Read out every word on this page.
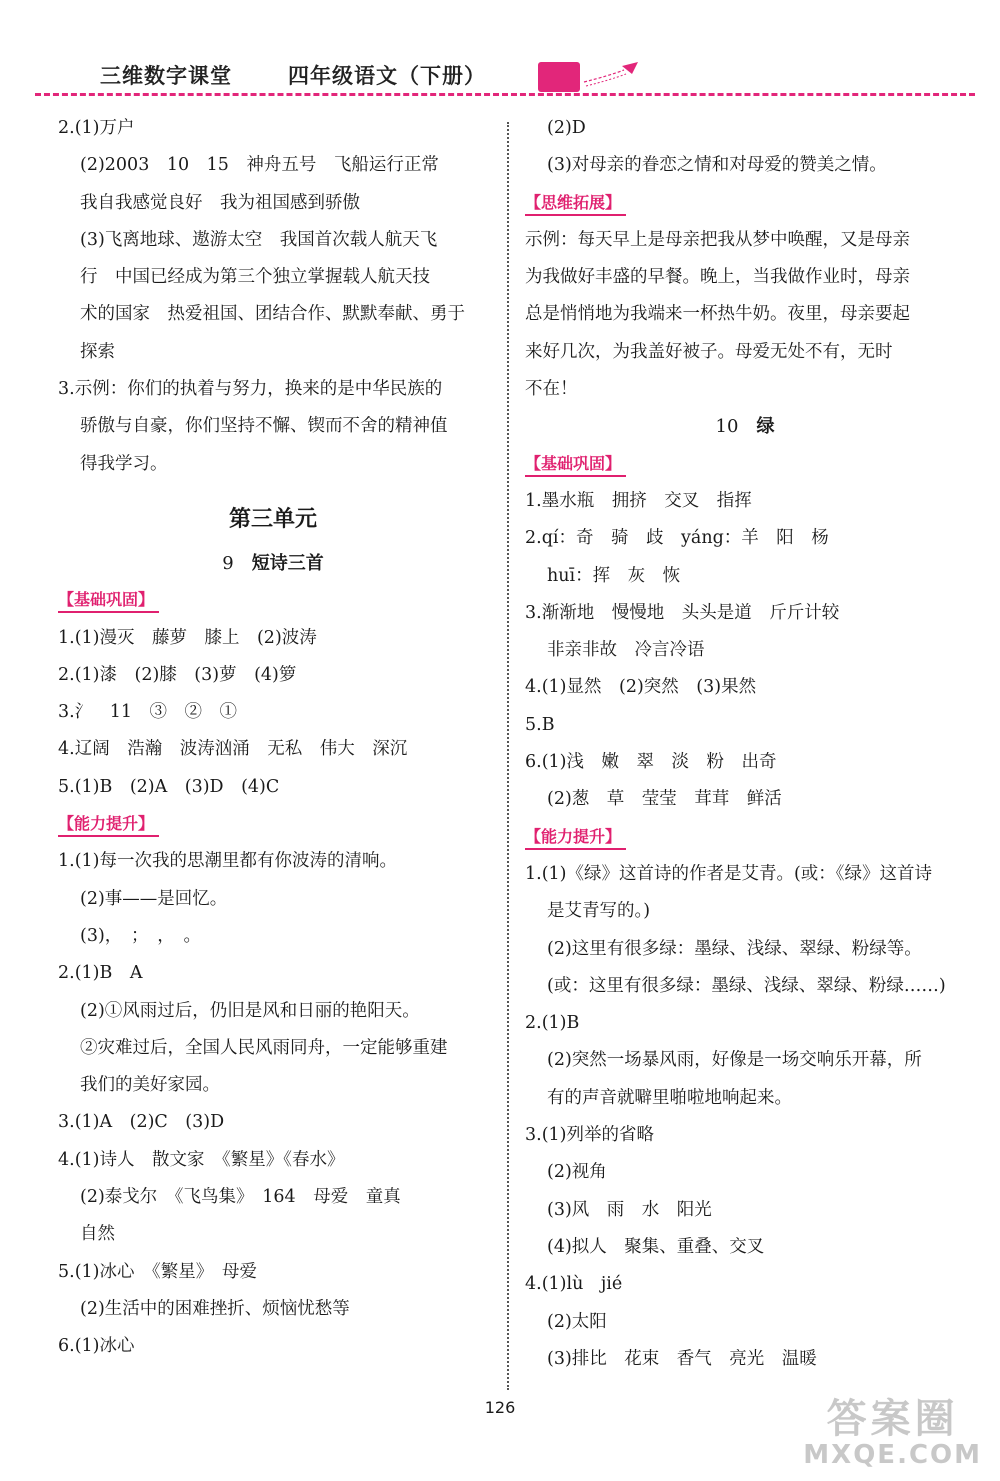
三维数字课堂	四年级语文（下册）
2.(1)万户
(2)2003　10　15　神舟五号　飞船运行正常
我自我感觉良好　我为祖国感到骄傲
(3)飞离地球、遨游太空　我国首次载人航天飞
行　中国已经成为第三个独立掌握载人航天技
术的国家　热爱祖国、团结合作、默默奉献、勇于
探索
3.示例：你们的执着与努力，换来的是中华民族的
骄傲与自豪，你们坚持不懈、锲而不舍的精神值
得我学习。
第三单元
9　 短诗三首
【基础巩固】
1.(1)漫灭　藤萝　膝上　(2)波涛
2.(1)漆　(2)膝　(3)萝　(4)箩
3.氵　11　③　②　①
4.辽阔　浩瀚　波涛汹涌　无私　伟大　深沉
5.(1)B　(2)A　(3)D　(4)C
【能力提升】
1.(1)每一次我的思潮里都有你波涛的清响。
(2)事——是回忆。
(3)，　；　，　。
2.(1)B　A
(2)①风雨过后，仍旧是风和日丽的艳阳天。
②灾难过后，全国人民风雨同舟，一定能够重建
我们的美好家园。
3.(1)A　(2)C　(3)D
4.(1)诗人　散文家　《繁星》《春水》
(2)泰戈尔　《飞鸟集》　164　母爱　童真
自然
5.(1)冰心　《繁星》　母爱
(2)生活中的困难挫折、烦恼忧愁等
6.(1)冰心
(2)D
(3)对母亲的眷恋之情和对母爱的赞美之情。
【思维拓展】
示例：每天早上是母亲把我从梦中唤醒，又是母亲
为我做好丰盛的早餐。晚上，当我做作业时，母亲
总是悄悄地为我端来一杯热牛奶。夜里，母亲要起
来好几次，为我盖好被子。母爱无处不有，无时
不在！
10　 绿
【基础巩固】
1.墨水瓶　拥挤　交叉　指挥
2.qí：奇　骑　歧　yáng：羊　阳　杨
huī：挥　灰　恢
3.渐渐地　慢慢地　头头是道　斤斤计较
非亲非故　冷言冷语
4.(1)显然　(2)突然　(3)果然
5.B
6.(1)浅　嫩　翠　淡　粉　出奇
(2)葱　草　莹莹　茸茸　鲜活
【能力提升】
1.(1)《绿》这首诗的作者是艾青。(或：《绿》这首诗
是艾青写的。)
(2)这里有很多绿：墨绿、浅绿、翠绿、粉绿等。
(或：这里有很多绿：墨绿、浅绿、翠绿、粉绿……)
2.(1)B
(2)突然一场暴风雨，好像是一场交响乐开幕，所
有的声音就噼里啪啦地响起来。
3.(1)列举的省略
(2)视角
(3)风　雨　水　阳光
(4)拟人　聚集、重叠、交叉
4.(1)lù　jié
(2)太阳
(3)排比　花束　香气　亮光　温暖
126	答案圈
MXQE.COM
